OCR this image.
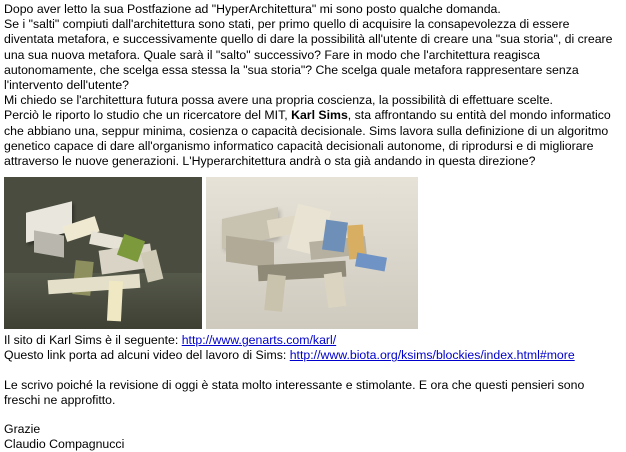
Dopo aver letto la sua Postfazione ad "HyperArchitettura" mi sono posto qualche domanda.

Se i "salti" compiuti dall'architettura sono stati, per primo quello di acquisire la consapevolezza di essere diventata metafora, e successivamente quello di dare la possibilità all'utente di creare una "sua storia", di creare una sua nuova metafora. Quale sarà il "salto" successivo? Fare in modo che l'architettura reagisca autonomamente, che scelga essa stessa la "sua storia"? Che scelga quale metafora rappresentare senza l'intervento dell'utente?

Mi chiedo se l'architettura futura possa avere una propria coscienza, la possibilità di effettuare scelte.

Perciò le riporto lo studio che un ricercatore del MIT, Karl Sims, sta affrontando su entità del mondo informatico che abbiano una, seppur minima, cosienza o capacità decisionale. Sims lavora sulla definizione di un algoritmo genetico capace di dare all'organismo informatico capacità decisionali autonome, di riprodursi e di migliorare attraverso le nuove generazioni. L'Hyperarchitettura andrà o sta già andando in questa direzione?

Il sito di Karl Sims è il seguente: http://www.genarts.com/karl/

Questo link porta ad alcuni video del lavoro di Sims: http://www.biota.org/ksims/blockies/index.html#more

Le scrivo poiché la revisione di oggi è stata molto interessante e stimolante. E ora che questi pensieri sono freschi ne approfitto.

Grazie

Claudio Compagnucci
